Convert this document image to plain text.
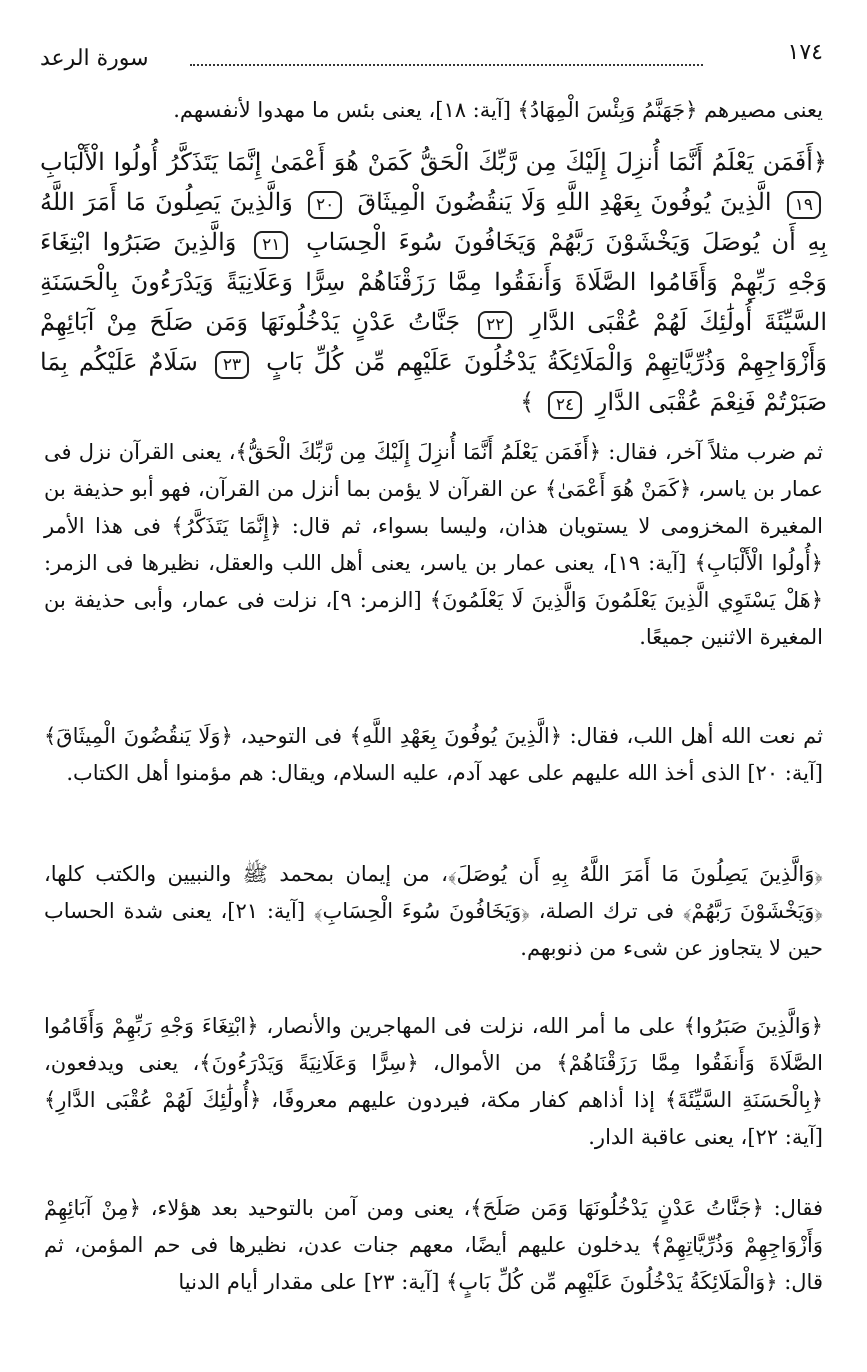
سورة الرعد	١٧٤
يعنى مصيرهم ﴿جَهَنَّمُ وَبِئْسَ الْمِهَادُ﴾ [آية: ١٨]، يعنى بئس ما مهدوا لأنفسهم.
﴿أَفَمَن يَعْلَمُ أَنَّمَا أُنزِلَ إِلَيْكَ مِن رَّبِّكَ الْحَقُّ كَمَنْ هُوَ أَعْمَىٰ إِنَّمَا يَتَذَكَّرُ أُولُوا الْأَلْبَابِ ١٩ الَّذِينَ يُوفُونَ بِعَهْدِ اللَّهِ وَلَا يَنقُضُونَ الْمِيثَاقَ ٢٠ وَالَّذِينَ يَصِلُونَ مَا أَمَرَ اللَّهُ بِهِ أَن يُوصَلَ وَيَخْشَوْنَ رَبَّهُمْ وَيَخَافُونَ سُوءَ الْحِسَابِ ٢١ وَالَّذِينَ صَبَرُوا ابْتِغَاءَ وَجْهِ رَبِّهِمْ وَأَقَامُوا الصَّلَاةَ وَأَنفَقُوا مِمَّا رَزَقْنَاهُمْ سِرًّا وَعَلَانِيَةً وَيَدْرَءُونَ بِالْحَسَنَةِ السَّيِّئَةَ أُولَٰئِكَ لَهُمْ عُقْبَى الدَّارِ ٢٢ جَنَّاتُ عَدْنٍ يَدْخُلُونَهَا وَمَن صَلَحَ مِنْ آبَائِهِمْ وَأَزْوَاجِهِمْ وَذُرِّيَّاتِهِمْ وَالْمَلَائِكَةُ يَدْخُلُونَ عَلَيْهِم مِّن كُلِّ بَابٍ ٢٣ سَلَامٌ عَلَيْكُم بِمَا صَبَرْتُمْ فَنِعْمَ عُقْبَى الدَّارِ ٢٤ ﴾
ثم ضرب مثلاً آخر، فقال: ﴿أَفَمَن يَعْلَمُ أَنَّمَا أُنزِلَ إِلَيْكَ مِن رَّبِّكَ الْحَقُّ﴾، يعنى القرآن نزل فى عمار بن ياسر، ﴿كَمَنْ هُوَ أَعْمَىٰ﴾ عن القرآن لا يؤمن بما أنزل من القرآن، فهو أبو حذيفة بن المغيرة المخزومى لا يستويان هذان، وليسا بسواء، ثم قال: ﴿إِنَّمَا يَتَذَكَّرُ﴾ فى هذا الأمر ﴿أُولُوا الْأَلْبَابِ﴾ [آية: ١٩]، يعنى عمار بن ياسر، يعنى أهل اللب والعقل، نظيرها فى الزمر: ﴿هَلْ يَسْتَوِي الَّذِينَ يَعْلَمُونَ وَالَّذِينَ لَا يَعْلَمُونَ﴾ [الزمر: ٩]، نزلت فى عمار، وأبى حذيفة بن المغيرة الاثنين جميعًا.
ثم نعت الله أهل اللب، فقال: ﴿الَّذِينَ يُوفُونَ بِعَهْدِ اللَّهِ﴾ فى التوحيد، ﴿وَلَا يَنقُضُونَ الْمِيثَاقَ﴾ [آية: ٢٠] الذى أخذ الله عليهم على عهد آدم، عليه السلام، ويقال: هم مؤمنوا أهل الكتاب.
﴿وَالَّذِينَ يَصِلُونَ مَا أَمَرَ اللَّهُ بِهِ أَن يُوصَلَ﴾، من إيمان بمحمد ﷺ والنبيين والكتب كلها، ﴿وَيَخْشَوْنَ رَبَّهُمْ﴾ فى ترك الصلة، ﴿وَيَخَافُونَ سُوءَ الْحِسَابِ﴾ [آية: ٢١]، يعنى شدة الحساب حين لا يتجاوز عن شىء من ذنوبهم.
﴿وَالَّذِينَ صَبَرُوا﴾ على ما أمر الله، نزلت فى المهاجرين والأنصار، ﴿ابْتِغَاءَ وَجْهِ رَبِّهِمْ وَأَقَامُوا الصَّلَاةَ وَأَنفَقُوا مِمَّا رَزَقْنَاهُمْ﴾ من الأموال، ﴿سِرًّا وَعَلَانِيَةً وَيَدْرَءُونَ﴾، يعنى ويدفعون، ﴿بِالْحَسَنَةِ السَّيِّئَةَ﴾ إذا أذاهم كفار مكة، فيردون عليهم معروفًا، ﴿أُولَٰئِكَ لَهُمْ عُقْبَى الدَّارِ﴾ [آية: ٢٢]، يعنى عاقبة الدار.
فقال: ﴿جَنَّاتُ عَدْنٍ يَدْخُلُونَهَا وَمَن صَلَحَ﴾، يعنى ومن آمن بالتوحيد بعد هؤلاء، ﴿مِنْ آبَائِهِمْ وَأَزْوَاجِهِمْ وَذُرِّيَّاتِهِمْ﴾ يدخلون عليهم أيضًا، معهم جنات عدن، نظيرها فى حم المؤمن، ثم قال: ﴿وَالْمَلَائِكَةُ يَدْخُلُونَ عَلَيْهِم مِّن كُلِّ بَابٍ﴾ [آية: ٢٣] على مقدار أيام الدنيا
